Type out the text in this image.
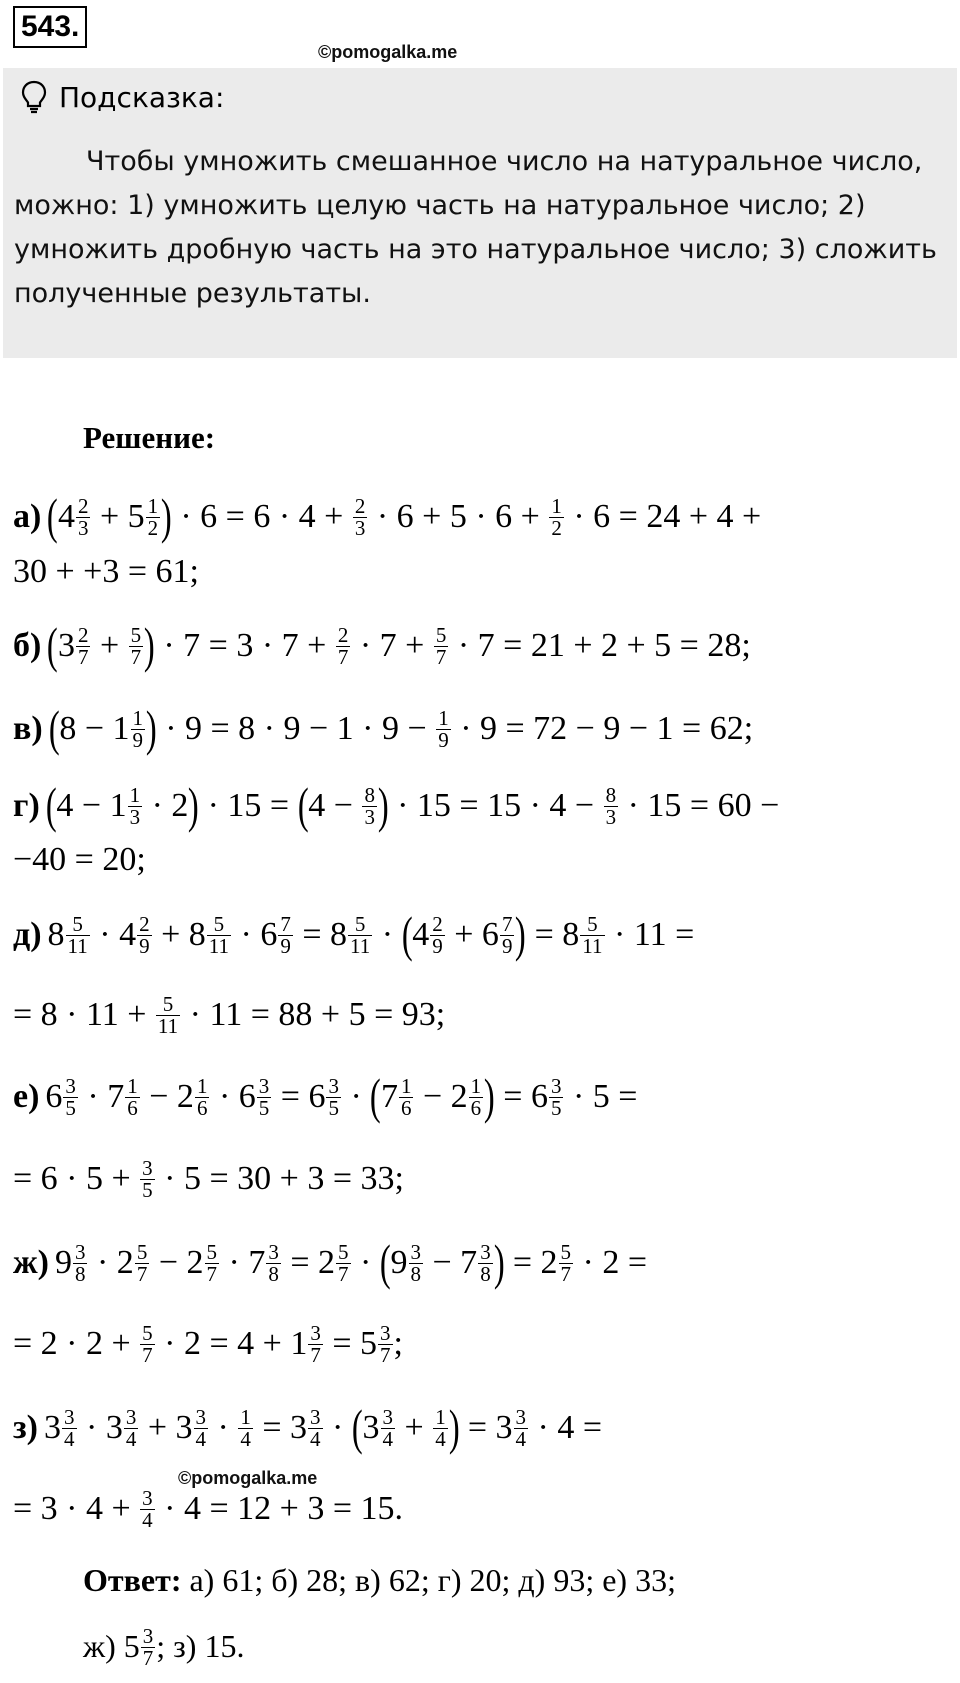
543.
©pomogalka.me
Подсказка:
Чтобы умножить смешанное число на натуральное число, можно: 1) умножить целую часть на натуральное число; 2) умножить дробную часть на это натуральное число; 3) сложить полученные результаты.
Решение:
а) ($4 \frac{2}{3} + 5 \frac{1}{2}$ ) · $6 = 6 \cdot 4 + \frac{2}{3} \cdot 6 + 5 \cdot 6 + \frac{1}{2} \cdot 6 = 24 + 4$ +
30 + +3 = 61;
б) ($3 \frac{2}{7} + \frac{5}{7}$ ) · $7 = 3 \cdot 7 + \frac{2}{7} \cdot 7 + \frac{5}{7} \cdot 7 = 21 + 2 + 5 = 28$;
в) ($8 - 1 \frac{1}{9}$ ) · $9 = 8 \cdot 9 - 1 \cdot 9 - \frac{1}{9} \cdot 9 = 72 - 9 - 1 = 62$;
г) $(4 - 1 \frac{1}{3} \cdot 2) \cdot 15 = (4 - \frac{8}{3}$ ) · $15 = 15 \cdot 4 - \frac{8}{3} \cdot 15 = 60$ −
−40 = 20;
д) $8 \frac{5}{11} \cdot 4 \frac{2}{9} + 8 \frac{5}{11} \cdot 6 \frac{7}{9} = 8 \frac{5}{11} \cdot (4 \frac{2}{9} + 6 \frac{7}{9}$ ) = $8 \frac{5}{11} \cdot 11$ =
= $8 \cdot 11 + \frac{5}{11} \cdot 11 = 88 + 5 = 93$;
е) $6 \frac{3}{5} \cdot 7 \frac{1}{6} - 2 \frac{1}{6} \cdot 6 \frac{3}{5} = 6 \frac{3}{5} \cdot (7 \frac{1}{6} - 2 \frac{1}{6}$ ) = $6 \frac{3}{5} \cdot 5$ =
= $6 \cdot 5 + \frac{3}{5} \cdot 5 = 30 + 3 = 33$;
ж) $9 \frac{3}{8} \cdot 2 \frac{5}{7} - 2 \frac{5}{7} \cdot 7 \frac{3}{8} = 2 \frac{5}{7} \cdot (9 \frac{3}{8} - 7 \frac{3}{8}$ ) = $2 \frac{5}{7} \cdot 2$ =
= $2 \cdot 2 + \frac{5}{7} \cdot 2 = 4 + 1 \frac{3}{7} = 5 \frac{3}{7}$ ;
з) $3 \frac{3}{4} \cdot 3 \frac{3}{4} + 3 \frac{3}{4} \cdot \frac{1}{4} = 3 \frac{3}{4} \cdot (3 \frac{3}{4} + \frac{1}{4}$ ) = $3 \frac{3}{4} \cdot 4$ =
©pomogalka.me
= $3 \cdot 4 + \frac{3}{4} \cdot 4 = 12 + 3 = 15$.
Ответ: а) 61; б) 28; в) 62; г) 20; д) 93; е) 33;
ж) $5 \frac{3}{7}$ ; з) 15.
